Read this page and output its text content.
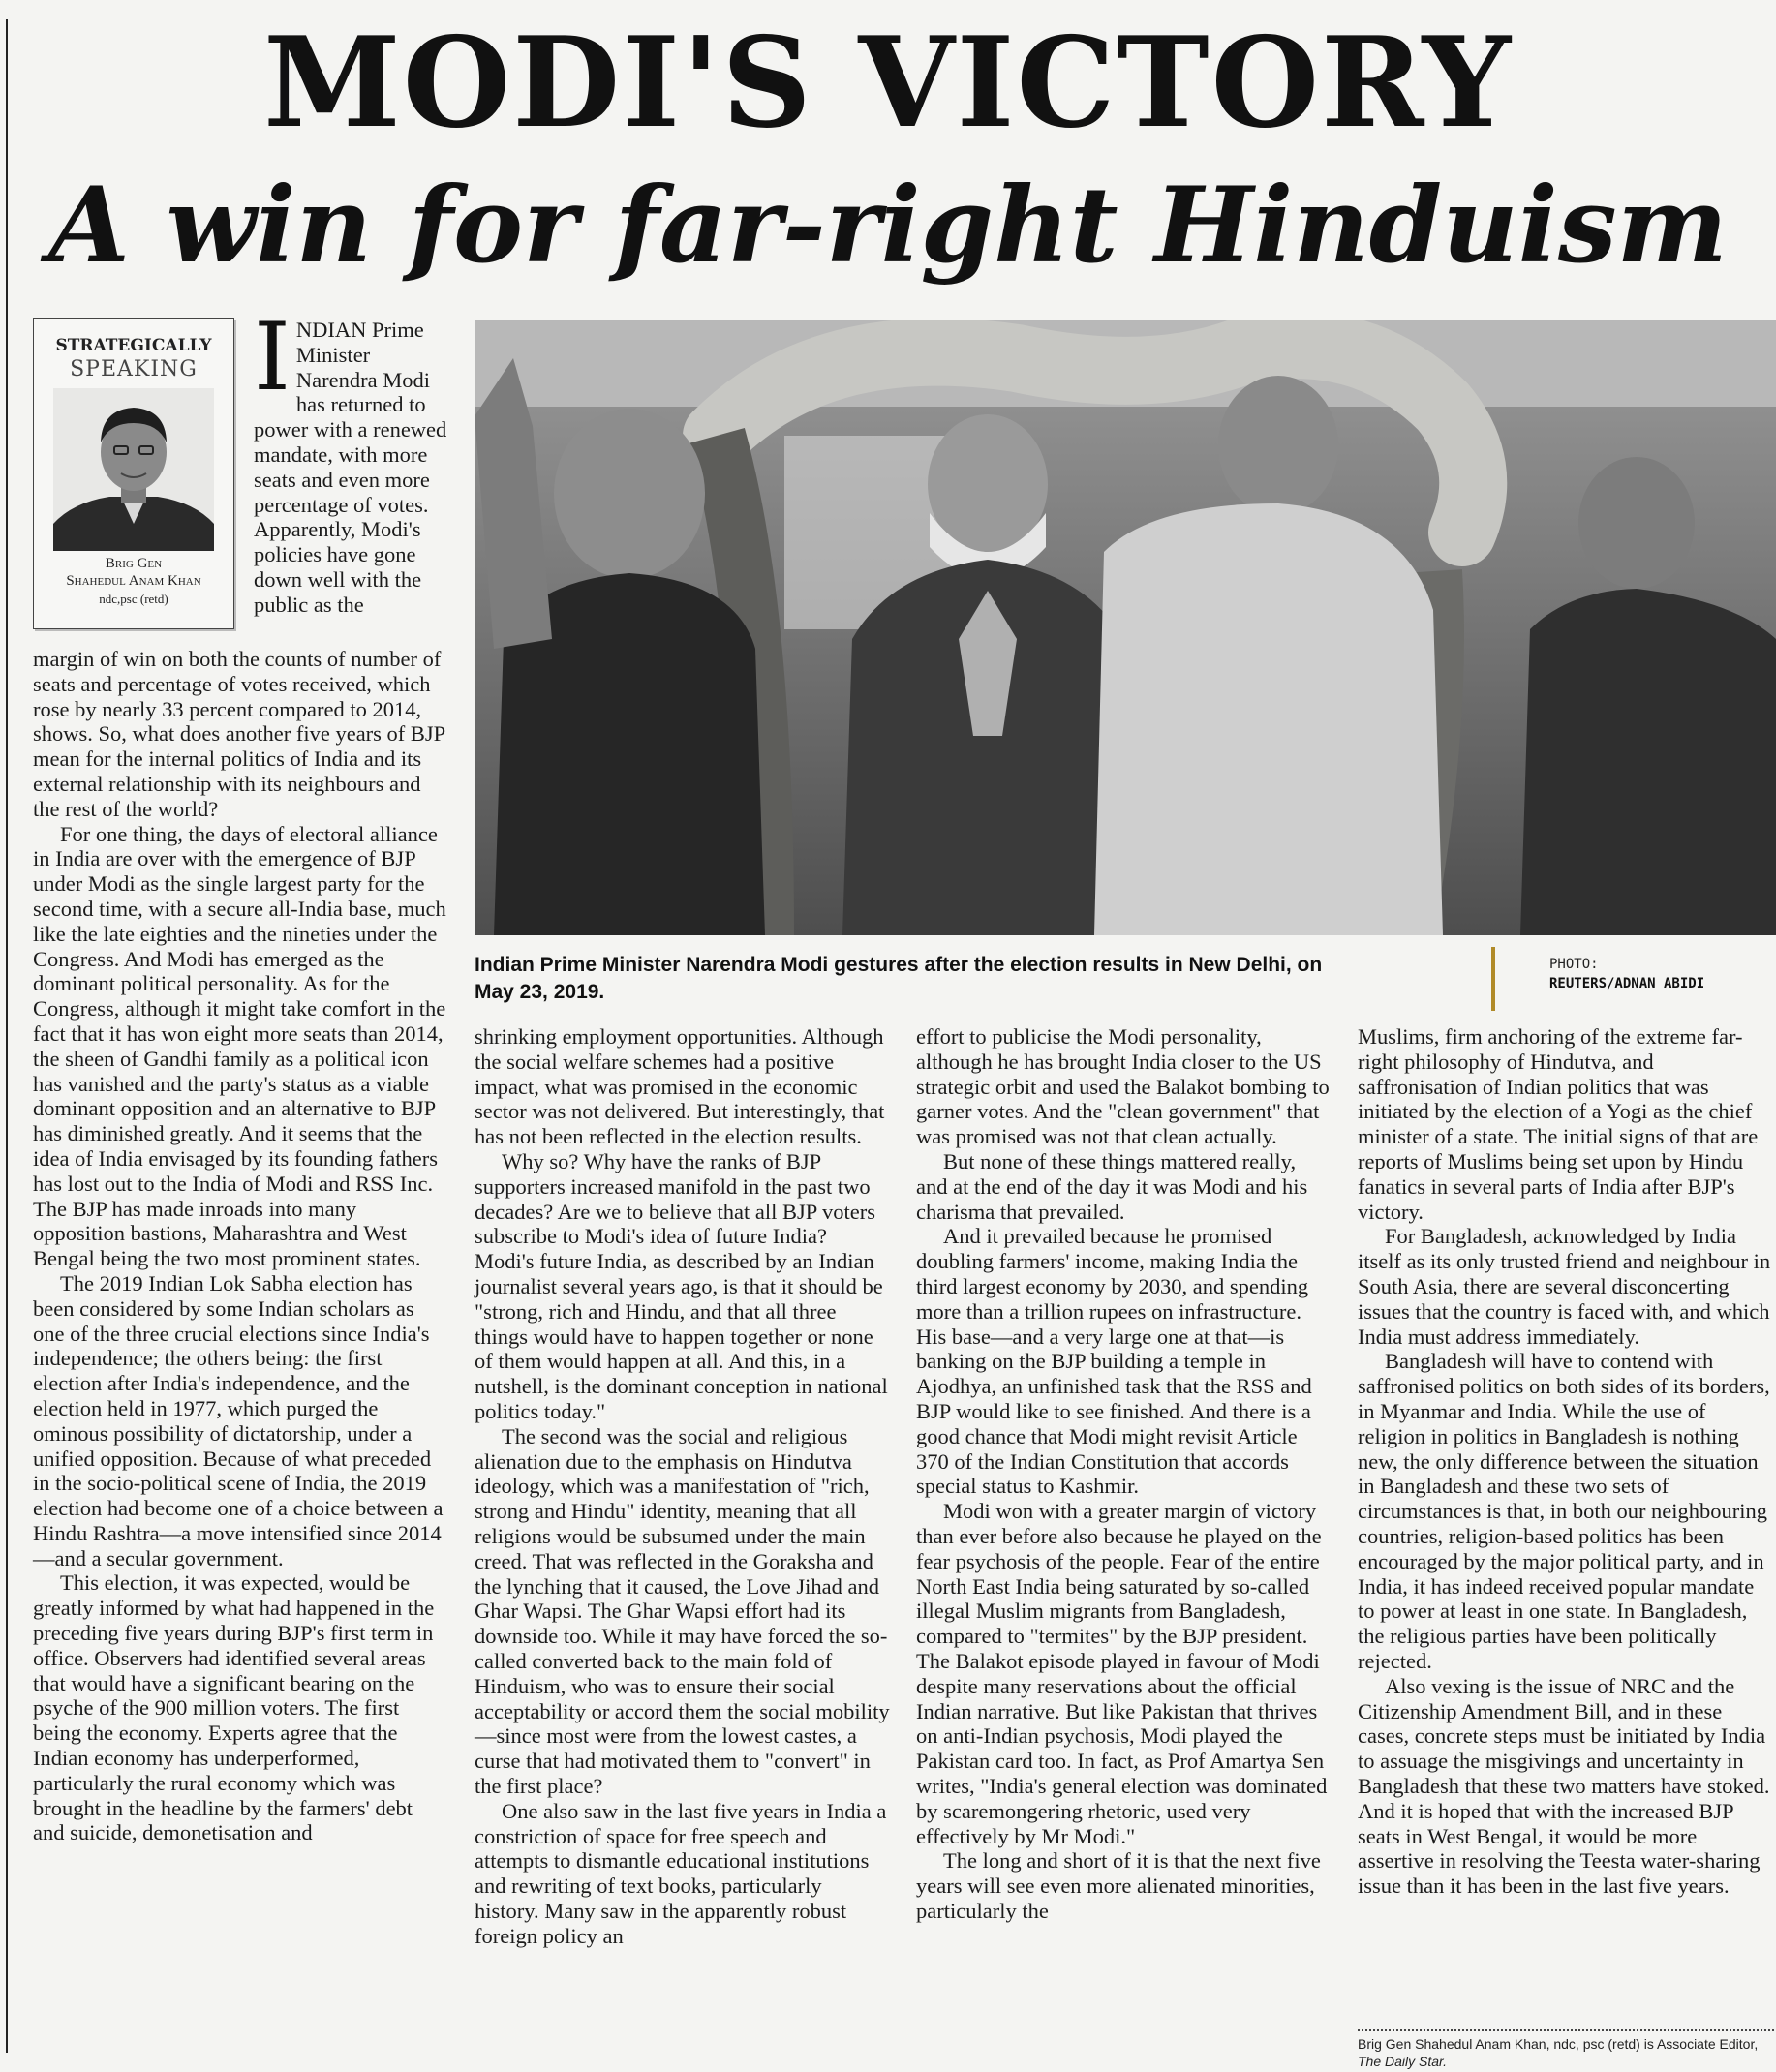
MODI'S VICTORY
A win for far-right Hinduism
STRATEGICALLY
SPEAKING
Brig Gen
Shahedul Anam Khan
ndc,psc (retd)
I NDIAN Prime Minister Narendra Modi has returned to power with a renewed mandate, with more seats and even more percentage of votes. Apparently, Modi's policies have gone down well with the public as the
Indian Prime Minister Narendra Modi gestures after the election results in New Delhi, on May 23, 2019.
PHOTO:
REUTERS/ADNAN ABIDI

margin of win on both the counts of number of seats and percentage of votes received, which rose by nearly 33 percent compared to 2014, shows. So, what does another five years of BJP mean for the internal politics of India and its external relationship with its neighbours and the rest of the world?

For one thing, the days of electoral alliance in India are over with the emergence of BJP under Modi as the single largest party for the second time, with a secure all-India base, much like the late eighties and the nineties under the Congress. And Modi has emerged as the dominant political personality. As for the Congress, although it might take comfort in the fact that it has won eight more seats than 2014, the sheen of Gandhi family as a political icon has vanished and the party's status as a viable dominant opposition and an alternative to BJP has diminished greatly. And it seems that the idea of India envisaged by its founding fathers has lost out to the India of Modi and RSS Inc. The BJP has made inroads into many opposition bastions, Maharashtra and West Bengal being the two most prominent states.

The 2019 Indian Lok Sabha election has been considered by some Indian scholars as one of the three crucial elections since India's independence; the others being: the first election after India's independence, and the election held in 1977, which purged the ominous possibility of dictatorship, under a unified opposition. Because of what preceded in the socio-political scene of India, the 2019 election had become one of a choice between a Hindu Rashtra—a move intensified since 2014—and a secular government.

This election, it was expected, would be greatly informed by what had happened in the preceding five years during BJP's first term in office. Observers had identified several areas that would have a significant bearing on the psyche of the 900 million voters. The first being the economy. Experts agree that the Indian economy has underperformed, particularly the rural economy which was brought in the headline by the farmers' debt and suicide, demonetisation and

shrinking employment opportunities. Although the social welfare schemes had a positive impact, what was promised in the economic sector was not delivered. But interestingly, that has not been reflected in the election results.

Why so? Why have the ranks of BJP supporters increased manifold in the past two decades? Are we to believe that all BJP voters subscribe to Modi's idea of future India? Modi's future India, as described by an Indian journalist several years ago, is that it should be "strong, rich and Hindu, and that all three things would have to happen together or none of them would happen at all. And this, in a nutshell, is the dominant conception in national politics today."

The second was the social and religious alienation due to the emphasis on Hindutva ideology, which was a manifestation of "rich, strong and Hindu" identity, meaning that all religions would be subsumed under the main creed. That was reflected in the Goraksha and the lynching that it caused, the Love Jihad and Ghar Wapsi. The Ghar Wapsi effort had its downside too. While it may have forced the so-called converted back to the main fold of Hinduism, who was to ensure their social acceptability or accord them the social mobility—since most were from the lowest castes, a curse that had motivated them to "convert" in the first place?

One also saw in the last five years in India a constriction of space for free speech and attempts to dismantle educational institutions and rewriting of text books, particularly history. Many saw in the apparently robust foreign policy an

effort to publicise the Modi personality, although he has brought India closer to the US strategic orbit and used the Balakot bombing to garner votes. And the "clean government" that was promised was not that clean actually.

But none of these things mattered really, and at the end of the day it was Modi and his charisma that prevailed.

And it prevailed because he promised doubling farmers' income, making India the third largest economy by 2030, and spending more than a trillion rupees on infrastructure. His base—and a very large one at that—is banking on the BJP building a temple in Ajodhya, an unfinished task that the RSS and BJP would like to see finished. And there is a good chance that Modi might revisit Article 370 of the Indian Constitution that accords special status to Kashmir.

Modi won with a greater margin of victory than ever before also because he played on the fear psychosis of the people. Fear of the entire North East India being saturated by so-called illegal Muslim migrants from Bangladesh, compared to "termites" by the BJP president. The Balakot episode played in favour of Modi despite many reservations about the official Indian narrative. But like Pakistan that thrives on anti-Indian psychosis, Modi played the Pakistan card too. In fact, as Prof Amartya Sen writes, "India's general election was dominated by scaremongering rhetoric, used very effectively by Mr Modi."

The long and short of it is that the next five years will see even more alienated minorities, particularly the

Muslims, firm anchoring of the extreme far-right philosophy of Hindutva, and saffronisation of Indian politics that was initiated by the election of a Yogi as the chief minister of a state. The initial signs of that are reports of Muslims being set upon by Hindu fanatics in several parts of India after BJP's victory.

For Bangladesh, acknowledged by India itself as its only trusted friend and neighbour in South Asia, there are several disconcerting issues that the country is faced with, and which India must address immediately.

Bangladesh will have to contend with saffronised politics on both sides of its borders, in Myanmar and India. While the use of religion in politics in Bangladesh is nothing new, the only difference between the situation in Bangladesh and these two sets of circumstances is that, in both our neighbouring countries, religion-based politics has been encouraged by the major political party, and in India, it has indeed received popular mandate to power at least in one state. In Bangladesh, the religious parties have been politically rejected.

Also vexing is the issue of NRC and the Citizenship Amendment Bill, and in these cases, concrete steps must be initiated by India to assuage the misgivings and uncertainty in Bangladesh that these two matters have stoked. And it is hoped that with the increased BJP seats in West Bengal, it would be more assertive in resolving the Teesta water-sharing issue than it has been in the last five years.

Brig Gen Shahedul Anam Khan, ndc, psc (retd) is Associate Editor, The Daily Star.
